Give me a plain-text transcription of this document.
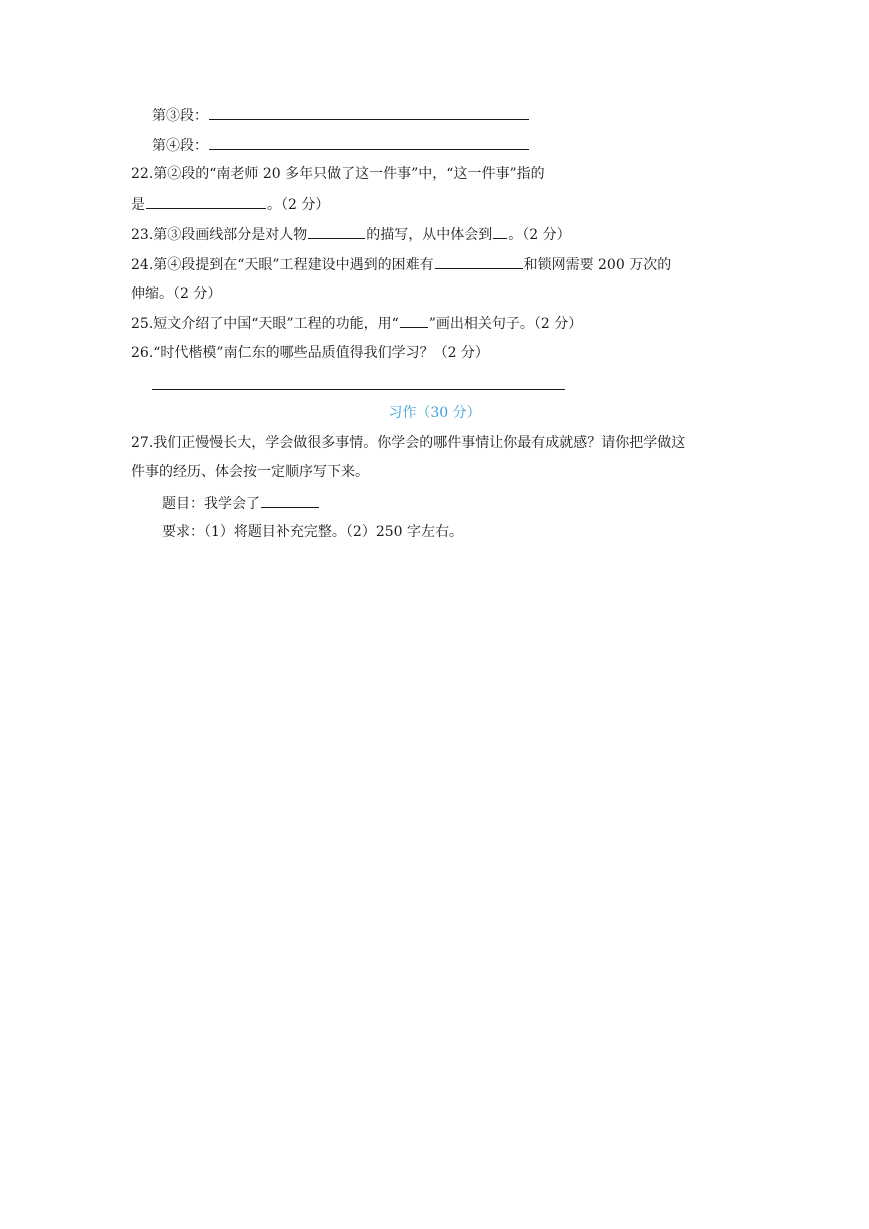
第③段：
第④段：
22.第②段的“南老师 20 多年只做了这一件事”中，“这一件事”指的
是	。（2 分）
23.第③段画线部分是对人物	的描写，从中体会到 。（2 分）
24.第④段提到在“天眼”工程建设中遇到的困难有	和锁网需要 200 万次的
伸缩。（2 分）
25.短文介绍了中国“天眼”工程的功能，用“ ”画出相关句子。（2 分）
26.“时代楷模”南仁东的哪些品质值得我们学习？（2 分）
习作（30 分）
27.我们正慢慢长大，学会做很多事情。你学会的哪件事情让你最有成就感？请你把学做这
件事的经历、体会按一定顺序写下来。
题目：我学会了
要求：（1）将题目补充完整。（2）250 字左右。
